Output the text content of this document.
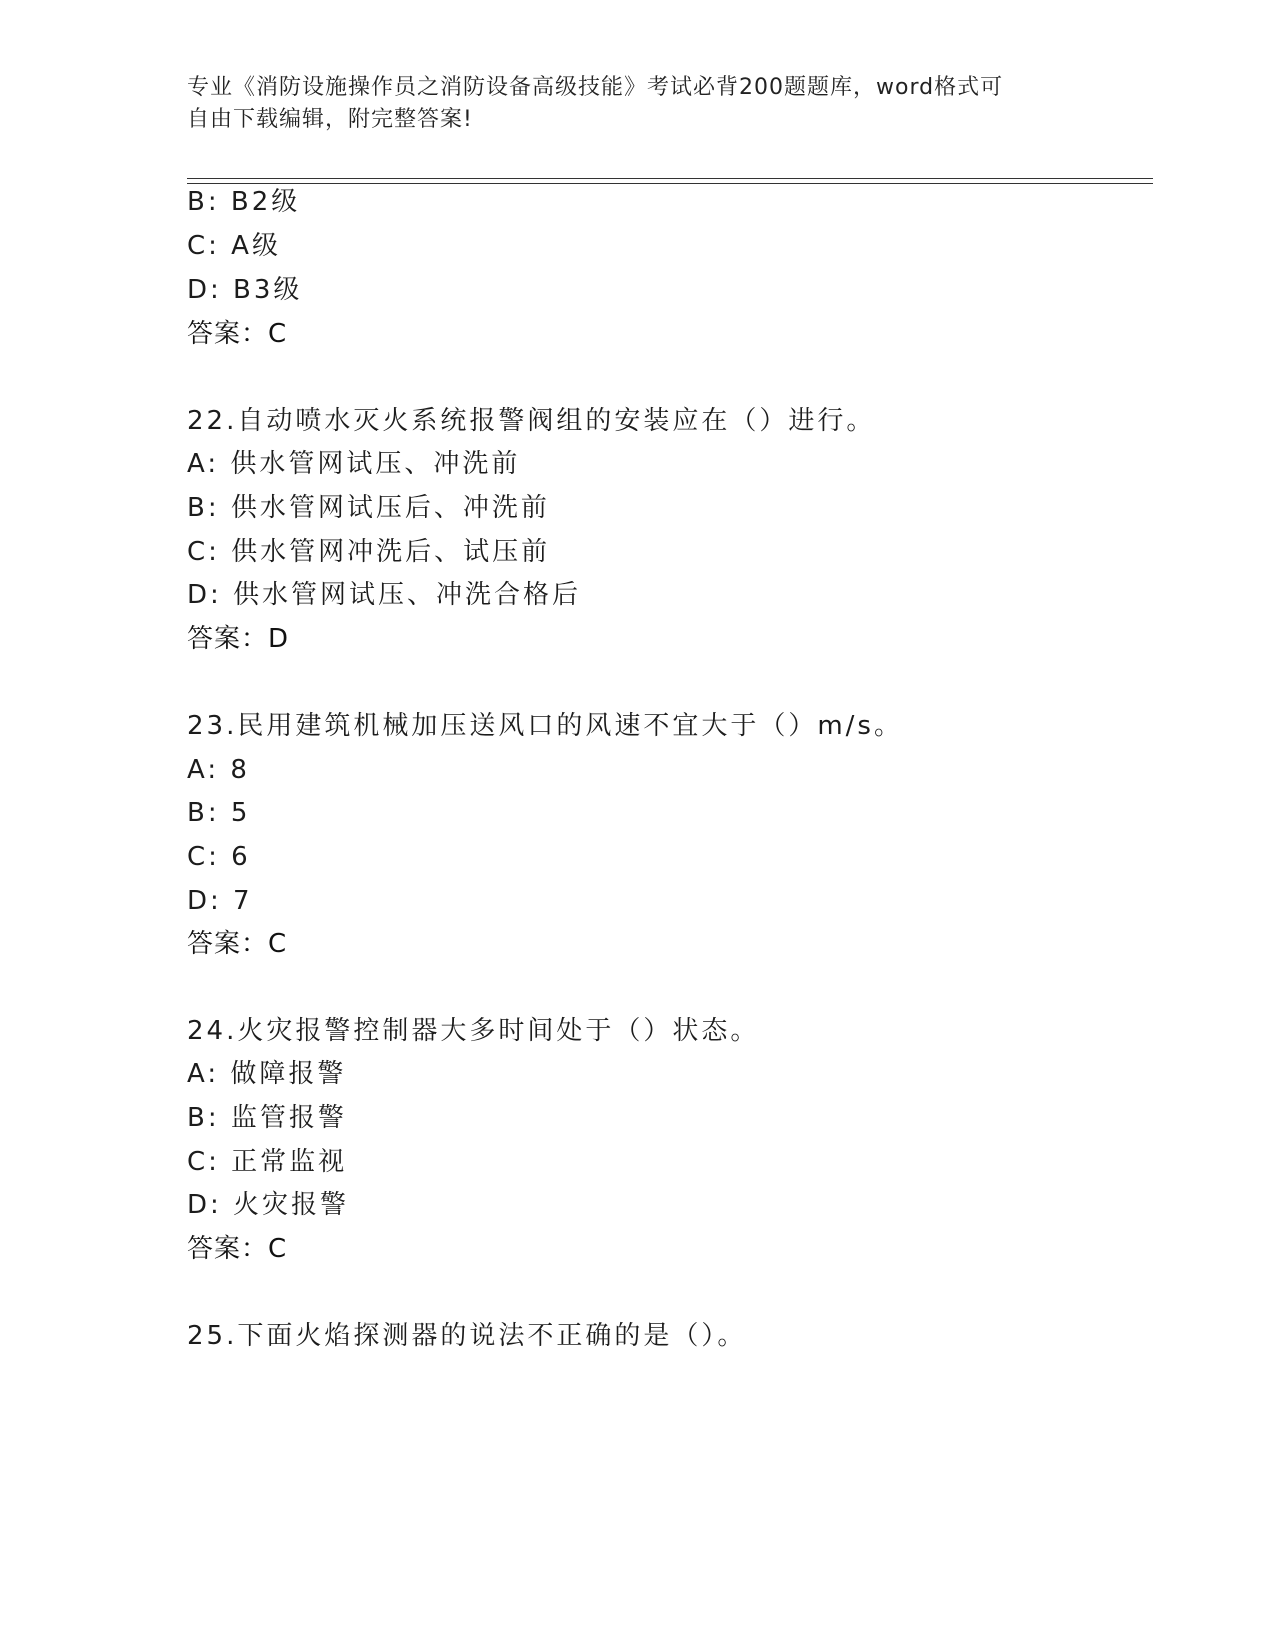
专业《消防设施操作员之消防设备高级技能》考试必背200题题库，word格式可
自由下载编辑，附完整答案!
B: B2级
C: A级
D: B3级
答案：C
22.自动喷水灭火系统报警阀组的安装应在（）进行。
A: 供水管网试压、冲洗前
B: 供水管网试压后、冲洗前
C: 供水管网冲洗后、试压前
D: 供水管网试压、冲洗合格后
答案：D
23.民用建筑机械加压送风口的风速不宜大于（）m/s。
A: 8
B: 5
C: 6
D: 7
答案：C
24.火灾报警控制器大多时间处于（）状态。
A: 做障报警
B: 监管报警
C: 正常监视
D: 火灾报警
答案：C
25.下面火焰探测器的说法不正确的是（）。
